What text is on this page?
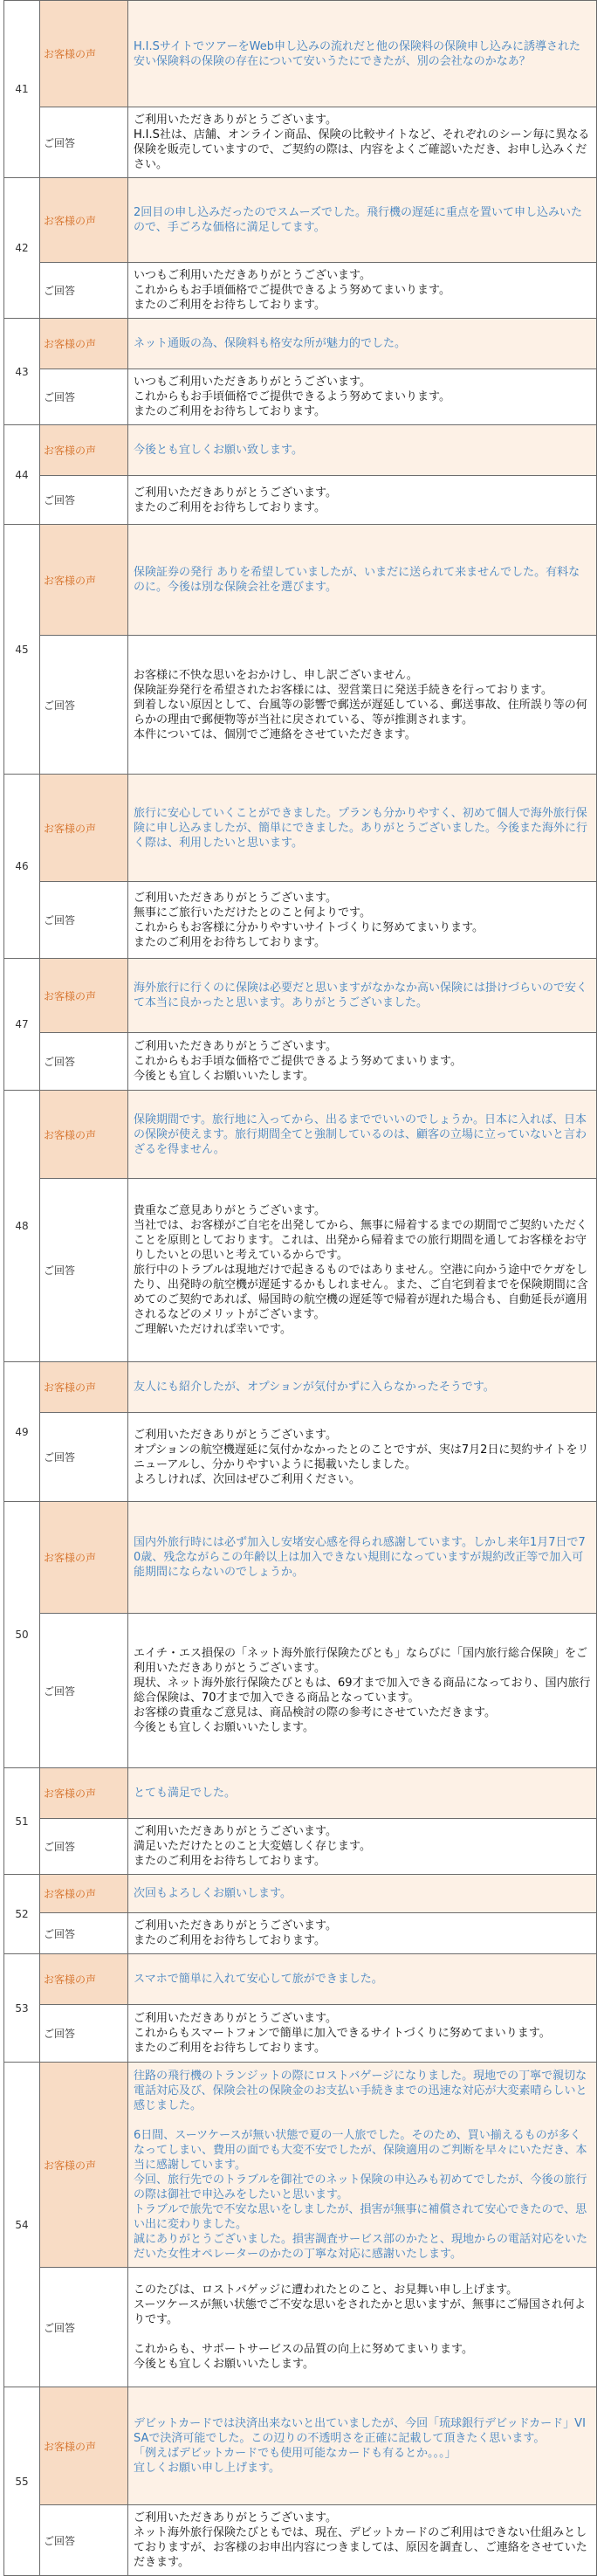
41	お客様の声	H.I.SサイトでツアーをWeb申し込みの流れだと他の保険料の保険申し込みに誘導された
安い保険料の保険の存在について安いうたにできたが、別の会社なのかなあ？
	ご回答	ご利用いただきありがとうございます。
H.I.S社は、店舗、オンライン商品、保険の比較サイトなど、それぞれのシーン毎に異なる保険を販売していますので、ご契約の際は、内容をよくご確認いただき、お申し込みください。
42	お客様の声	2回目の申し込みだったのでスムーズでした。飛行機の遅延に重点を置いて申し込みいたので、手ごろな価格に満足してます。
	ご回答	いつもご利用いただきありがとうございます。
これからもお手頃価格でご提供できるよう努めてまいります。
またのご利用をお待ちしております。
43	お客様の声	ネット通販の為、保険料も格安な所が魅力的でした。
	ご回答	いつもご利用いただきありがとうございます。
これからもお手頃価格でご提供できるよう努めてまいります。
またのご利用をお待ちしております。
44	お客様の声	今後とも宜しくお願い致します。
	ご回答	ご利用いただきありがとうございます。
またのご利用をお待ちしております。
45	お客様の声	保険証券の発行 ありを希望していましたが、いまだに送られて来ませんでした。有料なのに。今後は別な保険会社を選びます。
	ご回答	お客様に不快な思いをおかけし、申し訳ございません。
保険証券発行を希望されたお客様には、翌営業日に発送手続きを行っております。
到着しない原因として、台風等の影響で郵送が遅延している、郵送事故、住所誤り等の何らかの理由で郵便物等が当社に戻されている、等が推測されます。
本件については、個別でご連絡をさせていただきます。
46	お客様の声	旅行に安心していくことができました。プランも分かりやすく、初めて個人で海外旅行保険に申し込みましたが、簡単にできました。ありがとうございました。今後また海外に行く際は、利用したいと思います。
	ご回答	ご利用いただきありがとうございます。
無事にご旅行いただけたとのこと何よりです。
これからもお客様に分かりやすいサイトづくりに努めてまいります。
またのご利用をお待ちしております。
47	お客様の声	海外旅行に行くのに保険は必要だと思いますがなかなか高い保険には掛けづらいので安くて本当に良かったと思います。ありがとうございました。
	ご回答	ご利用いただきありがとうございます。
これからもお手頃な価格でご提供できるよう努めてまいります。
今後とも宜しくお願いいたします。
48	お客様の声	保険期間です。旅行地に入ってから、出るまででいいのでしょうか。日本に入れば、日本の保険が使えます。旅行期間全てと強制しているのは、顧客の立場に立っていないと言わざるを得ません。
	ご回答	貴重なご意見ありがとうございます。
当社では、お客様がご自宅を出発してから、無事に帰着するまでの期間でご契約いただくことを原則としております。これは、出発から帰着までの旅行期間を通してお客様をお守りしたいとの思いと考えているからです。
旅行中のトラブルは現地だけで起きるものではありません。空港に向かう途中でケガをしたり、出発時の航空機が遅延するかもしれません。また、ご自宅到着までを保険期間に含めてのご契約であれば、帰国時の航空機の遅延等で帰着が遅れた場合も、自動延長が適用されるなどのメリットがございます。
ご理解いただければ幸いです。
49	お客様の声	友人にも紹介したが、オプションが気付かずに入らなかったそうです。
	ご回答	ご利用いただきありがとうございます。
オプションの航空機遅延に気付かなかったとのことですが、実は7月2日に契約サイトをリニューアルし、分かりやすいように掲載いたしました。
よろしければ、次回はぜひご利用ください。
50	お客様の声	国内外旅行時には必ず加入し安堵安心感を得られ感謝しています。しかし来年1月7日で70歳、残念ながらこの年齢以上は加入できない規則になっていますが規約改正等で加入可能期間にならないのでしょうか。
	ご回答	エイチ・エス損保の「ネット海外旅行保険たびとも」ならびに「国内旅行総合保険」をご利用いただきありがとうございます。
現状、ネット海外旅行保険たびともは、69才まで加入できる商品になっており、国内旅行総合保険は、70才まで加入できる商品となっています。
お客様の貴重なご意見は、商品検討の際の参考にさせていただきます。
今後とも宜しくお願いいたします。
51	お客様の声	とても満足でした。
	ご回答	ご利用いただきありがとうございます。
満足いただけたとのこと大変嬉しく存じます。
またのご利用をお待ちしております。
52	お客様の声	次回もよろしくお願いします。
	ご回答	ご利用いただきありがとうございます。
またのご利用をお待ちしております。
53	お客様の声	スマホで簡単に入れて安心して旅ができました。
	ご回答	ご利用いただきありがとうございます。
これからもスマートフォンで簡単に加入できるサイトづくりに努めてまいります。
またのご利用をお待ちしております。
54	お客様の声	往路の飛行機のトランジットの際にロストバゲージになりました。現地での丁寧で親切な電話対応及び、保険会社の保険金のお支払い手続きまでの迅速な対応が大変素晴らしいと感じました。

6日間、スーツケースが無い状態で夏の一人旅でした。そのため、買い揃えるものが多くなってしまい、費用の面でも大変不安でしたが、保険適用のご判断を早々にいただき、本当に感謝しています。
今回、旅行先でのトラブルを御社でのネット保険の申込みも初めてでしたが、今後の旅行の際は御社で申込みをしたいと思います。
トラブルで旅先で不安な思いをしましたが、損害が無事に補償されて安心できたので、思い出に変わりました。
誠にありがとうございました。損害調査サービス部のかたと、現地からの電話対応をいただいた女性オペレーターのかたの丁寧な対応に感謝いたします。
	ご回答	このたびは、ロストバゲッジに遭われたとのこと、お見舞い申し上げます。
スーツケースが無い状態でご不安な思いをされたかと思いますが、無事にご帰国され何よりです。

これからも、サポートサービスの品質の向上に努めてまいります。
今後とも宜しくお願いいたします。
55	お客様の声	デビットカードでは決済出来ないと出ていましたが、今回「琉球銀行デビッドカード」VISAで決済可能でした。この辺りの不透明さを正確に記載して頂きたく思います。
「例えばデビットカードでも使用可能なカードも有るとか。。。」
宜しくお願い申し上げます。
	ご回答	ご利用いただきありがとうございます。
ネット海外旅行保険たびともでは、現在、デビットカードのご利用はできない仕組みとしておりますが、お客様のお申出内容につきましては、原因を調査し、ご連絡をさせていただきます。
